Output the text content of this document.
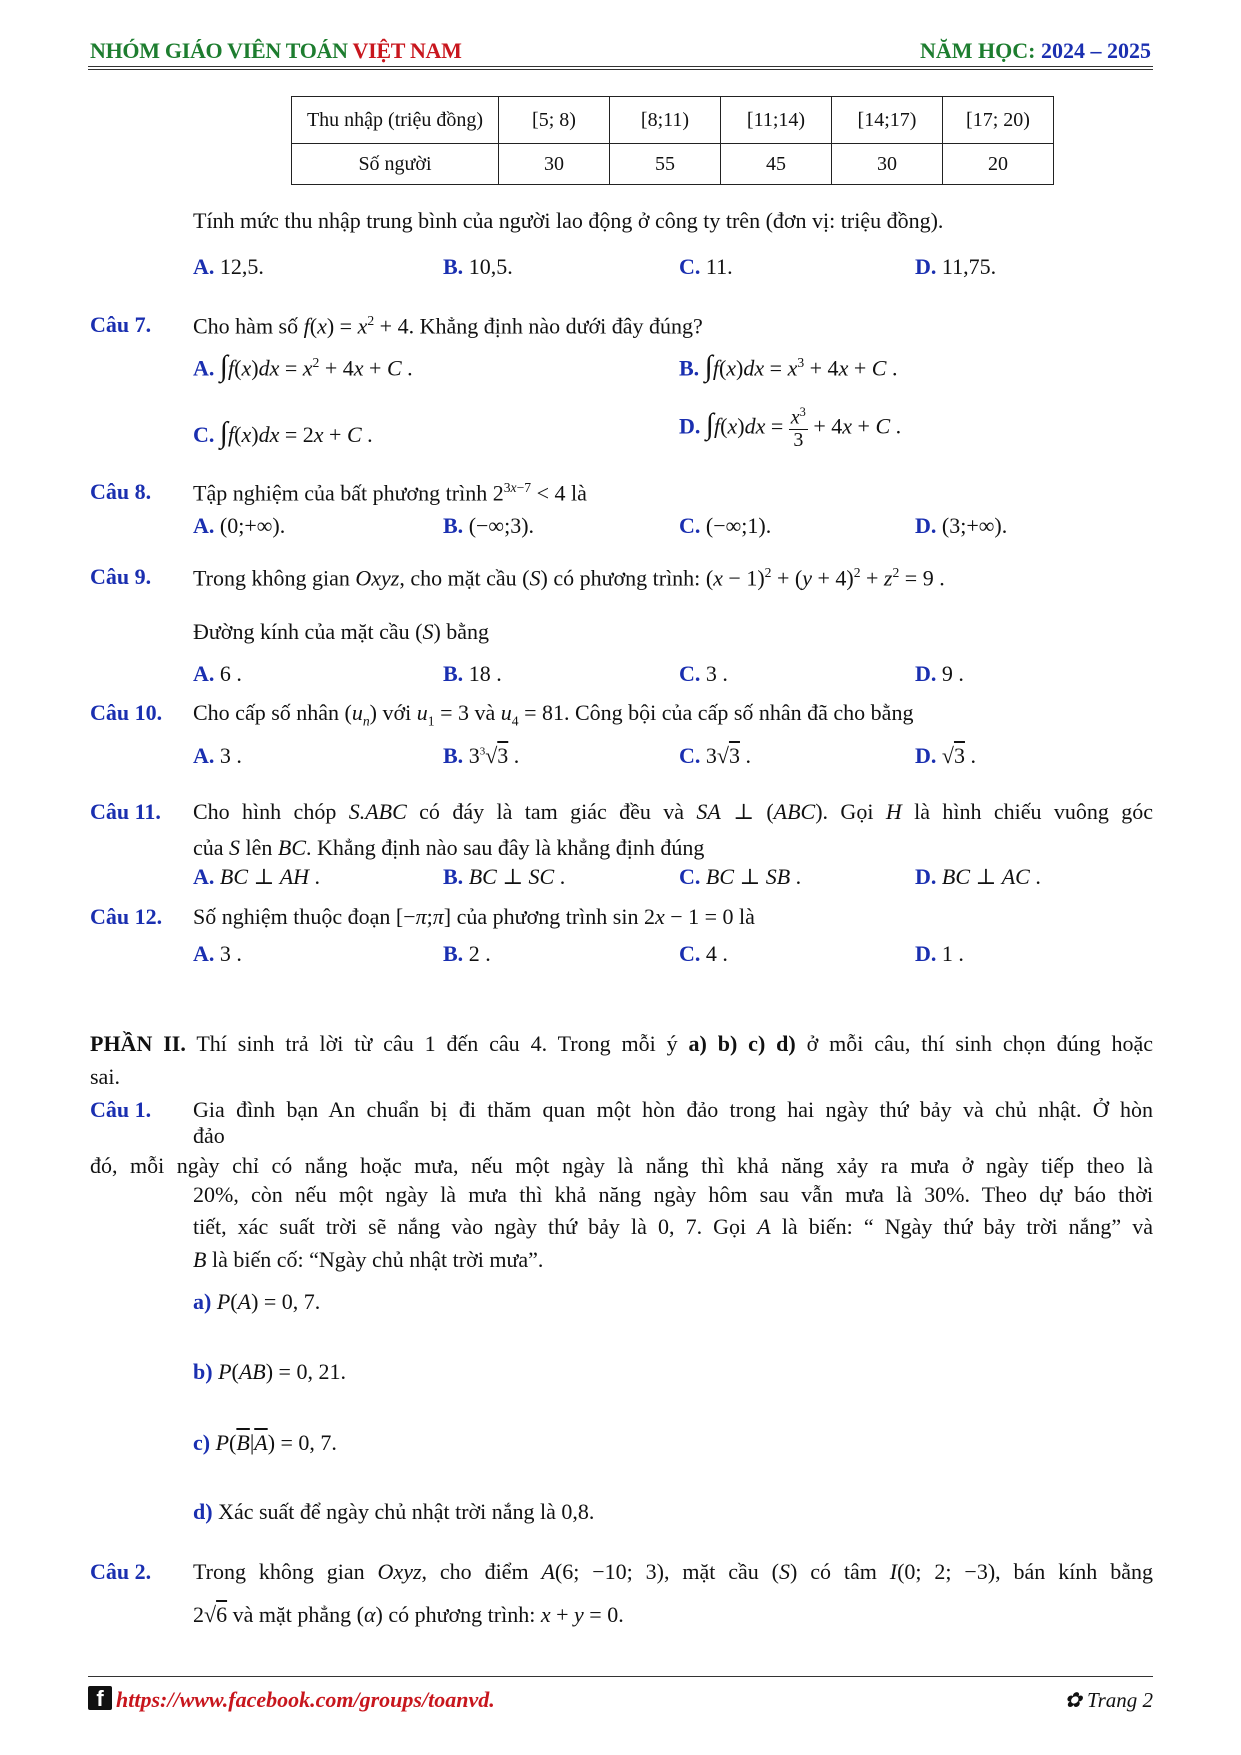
NHÓM GIÁO VIÊN TOÁN VIỆT NAM	NĂM HỌC: 2024 – 2025
Thu nhập (triệu đồng)	[5; 8)	[8;11)	[11;14)	[14;17)	[17; 20)
Số người	30	55	45	30	20
Tính mức thu nhập trung bình của người lao động ở công ty trên (đơn vị: triệu đồng).
A. 12,5.	B. 10,5.	C. 11.	D. 11,75.
Câu 7. Cho hàm số $f(x) = x^2 + 4$. Khẳng định nào dưới đây đúng?
A. $\int f(x)dx = x^2 + 4x + C$ .	B. $\int f(x)dx = x^3 + 4x + C$ .
C. ∫f(x)dx = 2x + C .	D. $\int f(x)dx = \frac{x^3}{3} + 4x + C$ .
Câu 8. Tập nghiệm của bất phương trình $2^{3x-7} < 4$ là
A. (0;+∞).	B. (−∞;3).	C. (−∞;1).	D. (3;+∞).
Câu 9. Trong không gian Oxyz, cho mặt cầu (S) có phương trình: $(x - 1)^2 + (y + 4)^2 + z^2 = 9$ .
Đường kính của mặt cầu (S) bằng
A. 6 .	B. 18 .	C. 3 .	D. 9 .
Câu 10. Cho cấp số nhân $(u_n)$ với $u_1 = 3$ và $u_4 = 81$. Công bội của cấp số nhân đã cho bằng
A. 3 .	B. $3^3√3$ .	C. 3√3 .	D. √3 .
Câu 11. Cho hình chóp S.ABC có đáy là tam giác đều và SA ⊥ (ABC). Gọi H là hình chiếu vuông góc
của S lên BC. Khẳng định nào sau đây là khẳng định đúng
A. BC ⊥ AH .	B. BC ⊥ SC .	C. BC ⊥ SB .	D. BC ⊥ AC .
Câu 12. Số nghiệm thuộc đoạn [−π;π] của phương trình sin 2x − 1 = 0 là
A. 3 .	B. 2 .	C. 4 .	D. 1 .
PHẦN II. Thí sinh trả lời từ câu 1 đến câu 4. Trong mỗi ý a) b) c) d) ở mỗi câu, thí sinh chọn đúng hoặc
sai.
Câu 1. Gia đình bạn An chuẩn bị đi thăm quan một hòn đảo trong hai ngày thứ bảy và chủ nhật. Ở hòn
đảo
đó, mỗi ngày chỉ có nắng hoặc mưa, nếu một ngày là nắng thì khả năng xảy ra mưa ở ngày tiếp theo là
20%, còn nếu một ngày là mưa thì khả năng ngày hôm sau vẫn mưa là 30%. Theo dự báo thời
tiết, xác suất trời sẽ nắng vào ngày thứ bảy là 0, 7. Gọi A là biến: “ Ngày thứ bảy trời nắng” và
B là biến cố: “Ngày chủ nhật trời mưa”.
a) P(A) = 0, 7.
b) P(AB) = 0, 21.
c) $P(\overline{B}|\overline{A}) = 0$, 7.
d) Xác suất để ngày chủ nhật trời nắng là 0,8.
Câu 2. Trong không gian Oxyz, cho điểm A(6; −10; 3), mặt cầu (S) có tâm I(0; 2; −3), bán kính bằng
2√6 và mặt phẳng (α) có phương trình: x + y = 0.
f https://www.facebook.com/groups/toanvd.	✿ Trang 2
